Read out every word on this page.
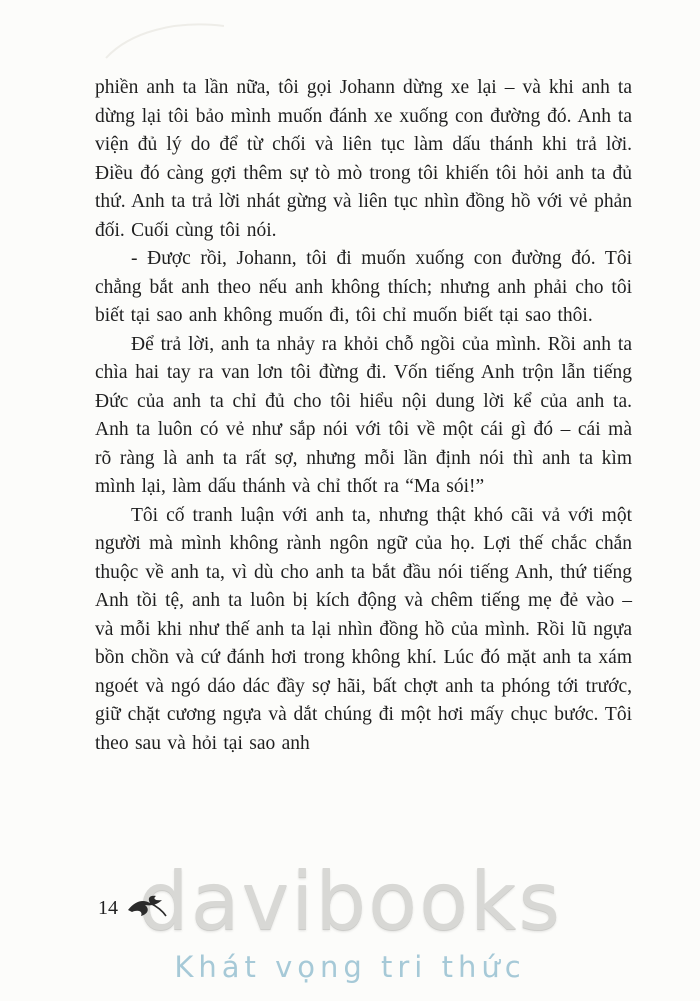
davibooks
Khát vọng tri thức

phiền anh ta lần nữa, tôi gọi Johann dừng xe lại – và khi anh ta dừng lại tôi bảo mình muốn đánh xe xuống con đường đó. Anh ta viện đủ lý do để từ chối và liên tục làm dấu thánh khi trả lời. Điều đó càng gợi thêm sự tò mò trong tôi khiến tôi hỏi anh ta đủ thứ. Anh ta trả lời nhát gừng và liên tục nhìn đồng hồ với vẻ phản đối. Cuối cùng tôi nói.

- Được rồi, Johann, tôi đi muốn xuống con đường đó. Tôi chẳng bắt anh theo nếu anh không thích; nhưng anh phải cho tôi biết tại sao anh không muốn đi, tôi chỉ muốn biết tại sao thôi.

Để trả lời, anh ta nhảy ra khỏi chỗ ngồi của mình. Rồi anh ta chìa hai tay ra van lơn tôi đừng đi. Vốn tiếng Anh trộn lẫn tiếng Đức của anh ta chỉ đủ cho tôi hiểu nội dung lời kể của anh ta. Anh ta luôn có vẻ như sắp nói với tôi về một cái gì đó – cái mà rõ ràng là anh ta rất sợ, nhưng mỗi lần định nói thì anh ta kìm mình lại, làm dấu thánh và chỉ thốt ra “Ma sói!”

Tôi cố tranh luận với anh ta, nhưng thật khó cãi vả với một người mà mình không rành ngôn ngữ của họ. Lợi thế chắc chắn thuộc về anh ta, vì dù cho anh ta bắt đầu nói tiếng Anh, thứ tiếng Anh tồi tệ, anh ta luôn bị kích động và chêm tiếng mẹ đẻ vào – và mỗi khi như thế anh ta lại nhìn đồng hồ của mình. Rồi lũ ngựa bồn chồn và cứ đánh hơi trong không khí. Lúc đó mặt anh ta xám ngoét và ngó dáo dác đầy sợ hãi, bất chợt anh ta phóng tới trước, giữ chặt cương ngựa và dắt chúng đi một hơi mấy chục bước. Tôi theo sau và hỏi tại sao anh

14
